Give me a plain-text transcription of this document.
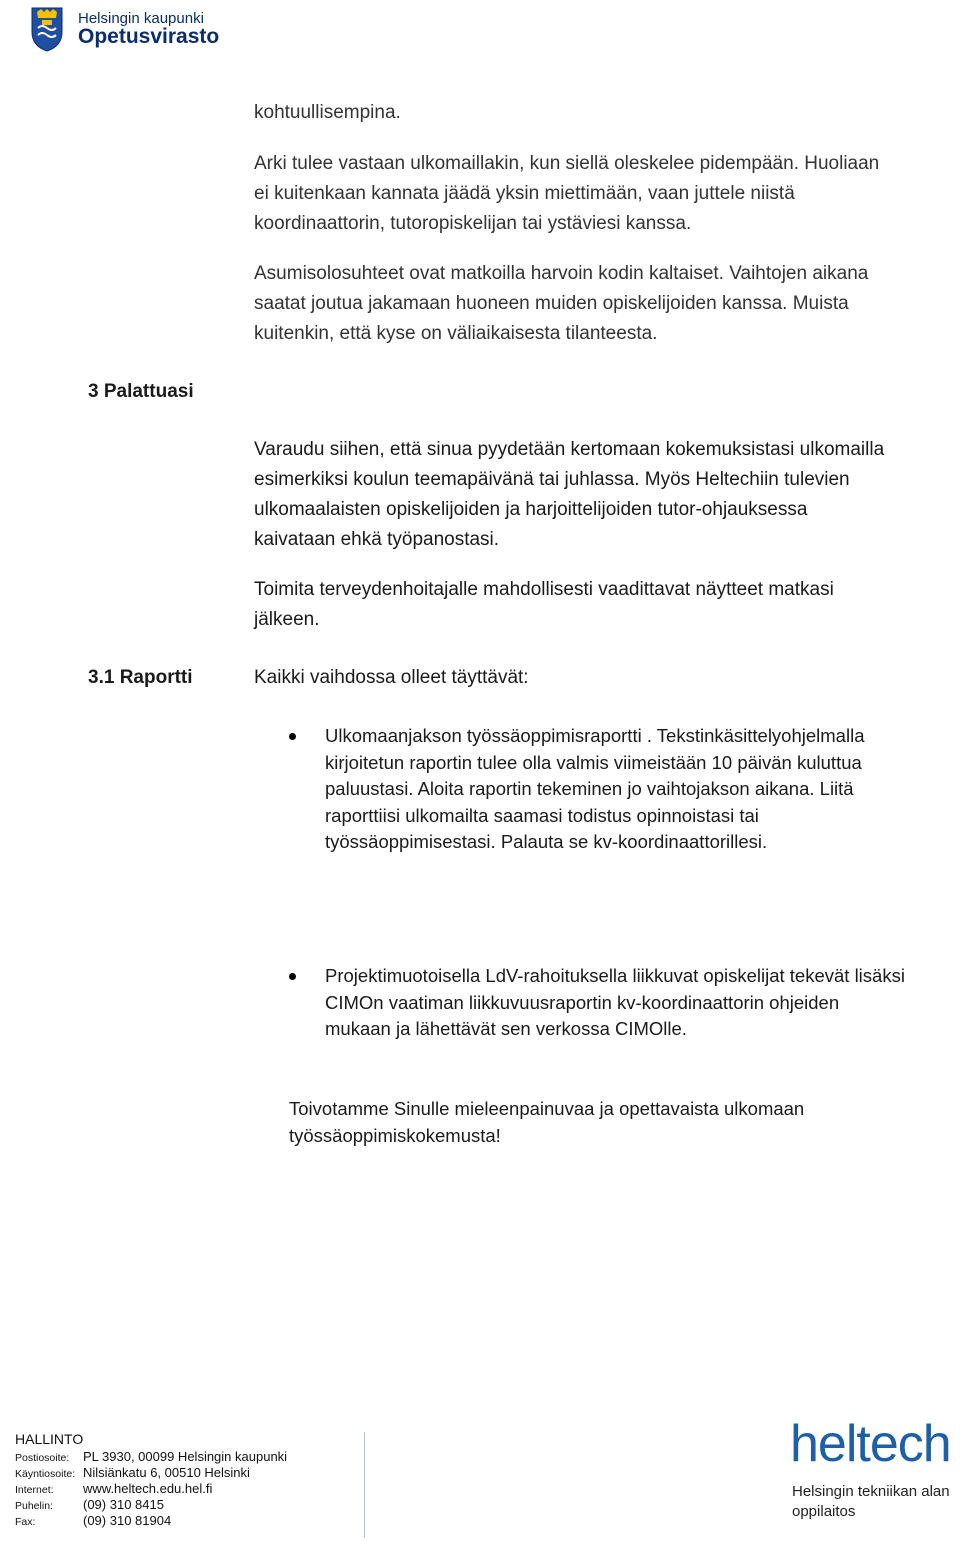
Helsingin kaupunki
Opetusvirasto
kohtuullisempina.
Arki tulee vastaan ulkomaillakin, kun siellä oleskelee pidempään. Huoliaan ei kuitenkaan kannata jäädä yksin miettimään, vaan juttele niistä koordinaattorin, tutoropiskelijan tai ystäviesi kanssa.
Asumisolosuhteet ovat matkoilla harvoin kodin kaltaiset. Vaihtojen aikana saatat joutua jakamaan huoneen muiden opiskelijoiden kanssa. Muista kuitenkin, että kyse on väliaikaisesta tilanteesta.
3 Palattuasi
Varaudu siihen, että sinua pyydetään kertomaan kokemuksistasi ulkomailla esimerkiksi koulun teemapäivänä tai juhlassa. Myös Heltechiin tulevien ulkomaalaisten opiskelijoiden ja harjoittelijoiden tutor-ohjauksessa kaivataan ehkä työpanostasi.
Toimita terveydenhoitajalle mahdollisesti vaadittavat näytteet matkasi jälkeen.
3.1 Raportti	Kaikki vaihdossa olleet täyttävät:
Ulkomaanjakson työssäoppimisraportti . Tekstinkäsittelyohjelmalla kirjoitetun raportin tulee olla valmis viimeistään 10 päivän kuluttua paluustasi. Aloita raportin tekeminen jo vaihtojakson aikana. Liitä raporttiisi ulkomailta saamasi todistus opinnoistasi tai työssäoppimisestasi. Palauta se kv-koordinaattorillesi.
Projektimuotoisella LdV-rahoituksella liikkuvat opiskelijat tekevät lisäksi CIMOn vaatiman liikkuvuusraportin kv-koordinaattorin ohjeiden mukaan ja lähettävät sen verkossa CIMOlle.
Toivotamme Sinulle mieleenpainuvaa ja opettavaista ulkomaan työssäoppimiskokemusta!
HALLINTO
Postiosoite: PL 3930, 00099 Helsingin kaupunki
Käyntiosoite: Nilsiänkatu 6, 00510 Helsinki
Internet: www.heltech.edu.hel.fi
Puhelin: (09) 310 8415
Fax:	(09) 310 81904
heltech
Helsingin tekniikan alan
oppilaitos
